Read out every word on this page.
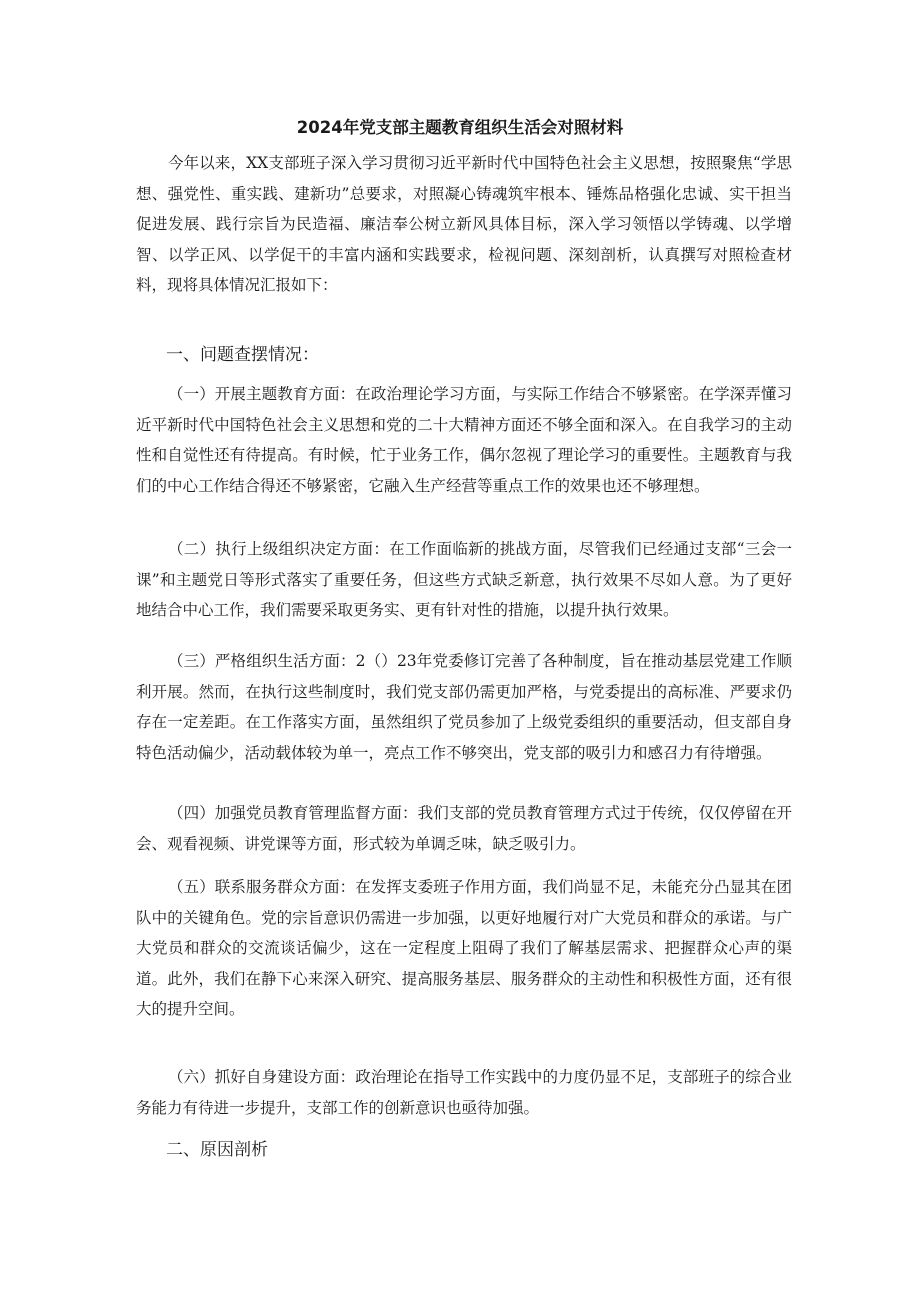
2024年党支部主题教育组织生活会对照材料

今年以来，XX支部班子深入学习贯彻习近平新时代中国特色社会主义思想，按照聚焦“学思想、强党性、重实践、建新功”总要求，对照凝心铸魂筑牢根本、锤炼品格强化忠诚、实干担当促进发展、践行宗旨为民造福、廉洁奉公树立新风具体目标，深入学习领悟以学铸魂、以学增智、以学正风、以学促干的丰富内涵和实践要求，检视问题、深刻剖析，认真撰写对照检查材料，现将具体情况汇报如下：

一、问题查摆情况：

（一）开展主题教育方面：在政治理论学习方面，与实际工作结合不够紧密。在学深弄懂习近平新时代中国特色社会主义思想和党的二十大精神方面还不够全面和深入。在自我学习的主动性和自觉性还有待提高。有时候，忙于业务工作，偶尔忽视了理论学习的重要性。主题教育与我们的中心工作结合得还不够紧密，它融入生产经营等重点工作的效果也还不够理想。

（二）执行上级组织决定方面：在工作面临新的挑战方面，尽管我们已经通过支部“三会一课”和主题党日等形式落实了重要任务，但这些方式缺乏新意，执行效果不尽如人意。为了更好地结合中心工作，我们需要采取更务实、更有针对性的措施，以提升执行效果。

（三）严格组织生活方面：2（）23年党委修订完善了各种制度，旨在推动基层党建工作顺利开展。然而，在执行这些制度时，我们党支部仍需更加严格，与党委提出的高标准、严要求仍存在一定差距。在工作落实方面，虽然组织了党员参加了上级党委组织的重要活动，但支部自身特色活动偏少，活动载体较为单一，亮点工作不够突出，党支部的吸引力和感召力有待增强。

（四）加强党员教育管理监督方面：我们支部的党员教育管理方式过于传统，仅仅停留在开会、观看视频、讲党课等方面，形式较为单调乏味，缺乏吸引力。

（五）联系服务群众方面：在发挥支委班子作用方面，我们尚显不足，未能充分凸显其在团队中的关键角色。党的宗旨意识仍需进一步加强，以更好地履行对广大党员和群众的承诺。与广大党员和群众的交流谈话偏少，这在一定程度上阻碍了我们了解基层需求、把握群众心声的渠道。此外，我们在静下心来深入研究、提高服务基层、服务群众的主动性和积极性方面，还有很大的提升空间。

（六）抓好自身建设方面：政治理论在指导工作实践中的力度仍显不足，支部班子的综合业务能力有待进一步提升，支部工作的创新意识也亟待加强。

二、原因剖析
